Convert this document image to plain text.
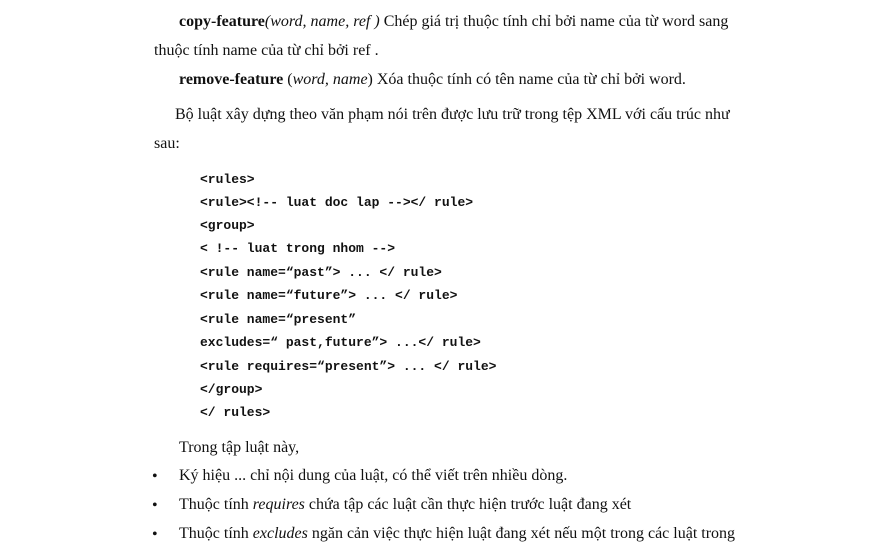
copy-feature(word, name, ref ) Chép giá trị thuộc tính chỉ bởi name của từ word sang
thuộc tính name của từ chỉ bởi ref .
remove-feature (word, name) Xóa thuộc tính có tên name của từ chỉ bởi word.
Bộ luật xây dựng theo văn phạm nói trên được lưu trữ trong tệp XML với cấu trúc như
sau:
<rules>
<rule><!-- luat doc lap --></ rule>
<group>
< !-- luat trong nhom -->
<rule name=“past”> ... </ rule>
<rule name=“future”> ... </ rule>
<rule name=“present”
excludes=“ past,future”> ...</ rule>
<rule requires=“present”> ... </ rule>
</group>
</ rules>
Trong tập luật này,
• Ký hiệu ... chỉ nội dung của luật, có thể viết trên nhiều dòng.
• Thuộc tính requires chứa tập các luật cần thực hiện trước luật đang xét
• Thuộc tính excludes ngăn cản việc thực hiện luật đang xét nếu một trong các luật trong
